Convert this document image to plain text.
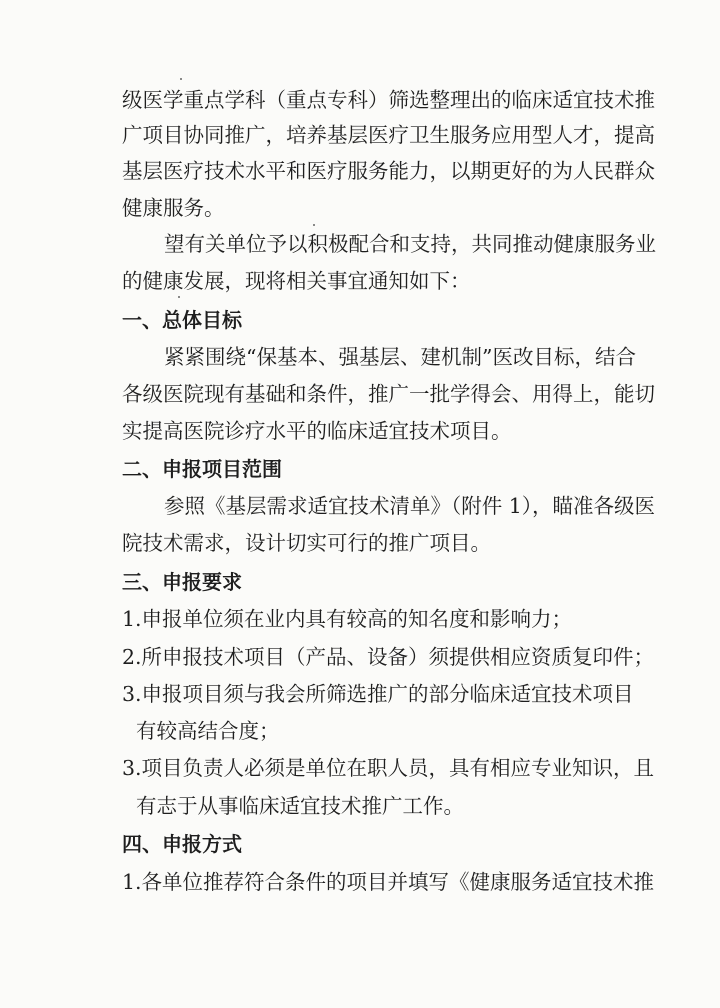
级医学重点学科（重点专科）筛选整理出的临床适宜技术推
广项目协同推广，培养基层医疗卫生服务应用型人才，提高
基层医疗技术水平和医疗服务能力，以期更好的为人民群众
健康服务。
望有关单位予以积极配合和支持，共同推动健康服务业
的健康发展，现将相关事宜通知如下：
一、总体目标
紧紧围绕“保基本、强基层、建机制”医改目标，结合
各级医院现有基础和条件，推广一批学得会、用得上，能切
实提高医院诊疗水平的临床适宜技术项目。
二、申报项目范围
参照《基层需求适宜技术清单》（附件 1），瞄准各级医
院技术需求，设计切实可行的推广项目。
三、申报要求
1.申报单位须在业内具有较高的知名度和影响力；
2.所申报技术项目（产品、设备）须提供相应资质复印件；
3.申报项目须与我会所筛选推广的部分临床适宜技术项目
有较高结合度；
3.项目负责人必须是单位在职人员，具有相应专业知识，且
有志于从事临床适宜技术推广工作。
四、申报方式
1.各单位推荐符合条件的项目并填写《健康服务适宜技术推
